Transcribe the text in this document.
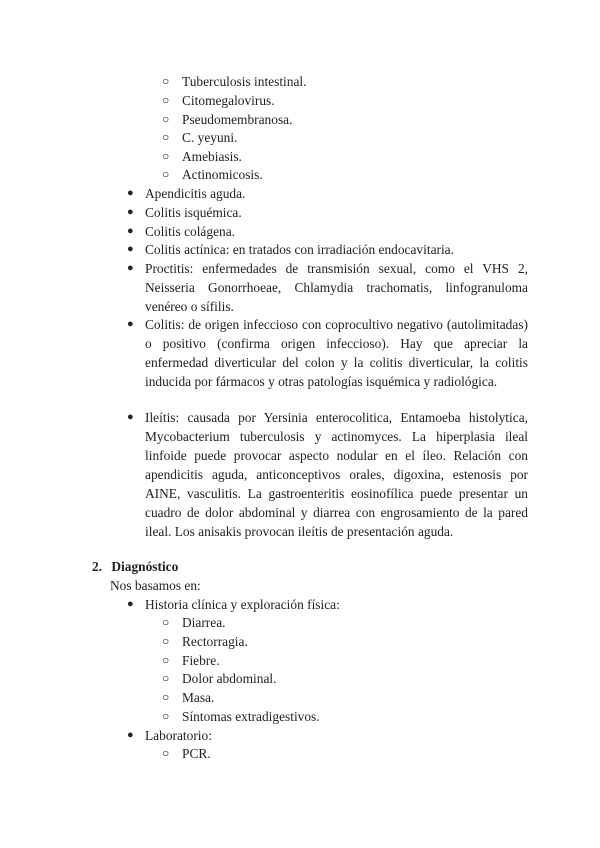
○ Tuberculosis intestinal.
○ Citomegalovirus.
○ Pseudomembranosa.
○ C. yeyuni.
○ Amebiasis.
○ Actinomicosis.
● Apendicitis aguda.
● Colitis isquémica.
● Colitis colágena.
● Colitis actínica: en tratados con irradiación endocavitaria.
● Proctitis: enfermedades de transmisión sexual, como el VHS 2, Neisseria Gonorrhoeae, Chlamydia trachomatis, linfogranuloma venéreo o sífilis.
● Colitis: de origen infeccioso con coprocultivo negativo (autolimitadas) o positivo (confirma origen infeccioso). Hay que apreciar la enfermedad diverticular del colon y la colitis diverticular, la colitis inducida por fármacos y otras patologías isquémica y radiológica.
● Ileítis: causada por Yersinia enterocolitica, Entamoeba histolytica, Mycobacterium tuberculosis y actinomyces. La hiperplasia ileal linfoide puede provocar aspecto nodular en el íleo. Relación con apendicitis aguda, anticonceptivos orales, digoxina, estenosis por AINE, vasculitis. La gastroenteritis eosinofílica puede presentar un cuadro de dolor abdominal y diarrea con engrosamiento de la pared ileal. Los anisakis provocan ileítis de presentación aguda.
2. Diagnóstico
Nos basamos en:
● Historia clínica y exploración física:
○ Diarrea.
○ Rectorragia.
○ Fiebre.
○ Dolor abdominal.
○ Masa.
○ Síntomas extradigestivos.
● Laboratorio:
○ PCR.
